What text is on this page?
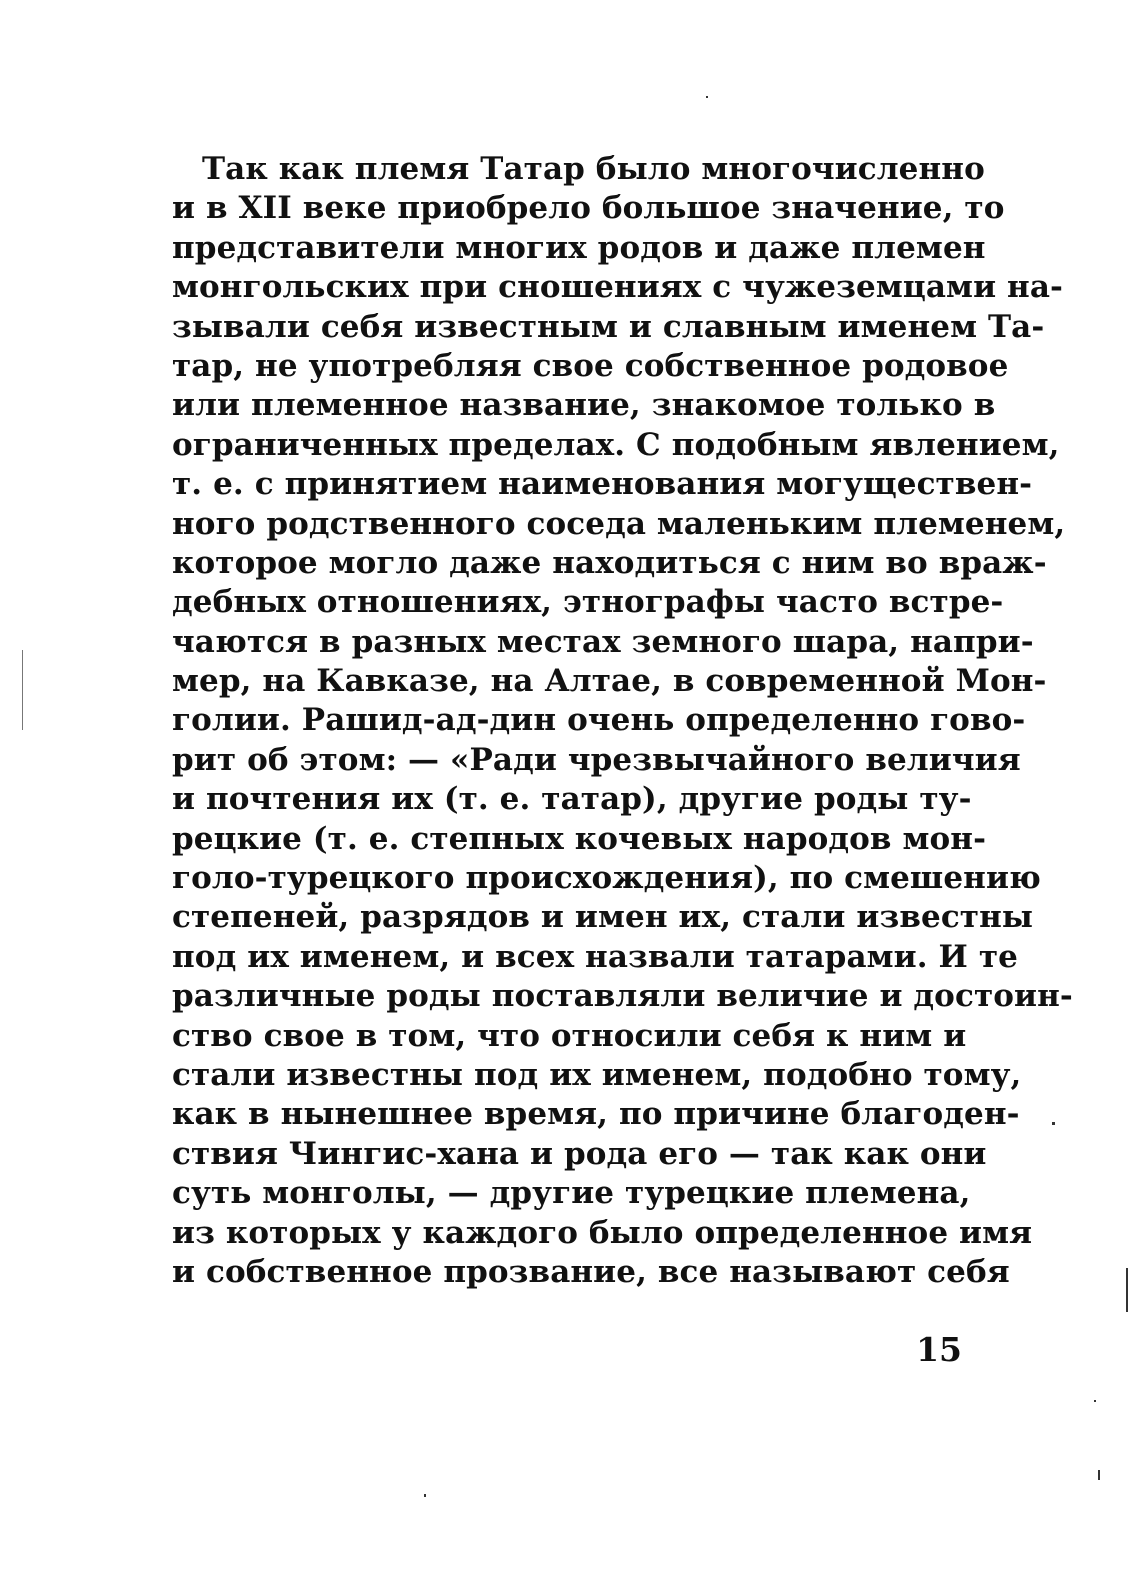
Так как племя Татар было многочисленно
и в XII веке приобрело большое значение, то
представители многих родов и даже племен
монгольских при сношениях с чужеземцами на-
зывали себя известным и славным именем Та-
тар, не употребляя свое собственное родовое
или племенное название, знакомое только в
ограниченных пределах. С подобным явлением,
т. е. с принятием наименования могуществен-
ного родственного соседа маленьким племенем,
которое могло даже находиться с ним во враж-
дебных отношениях, этнографы часто встре-
чаются в разных местах земного шара, напри-
мер, на Кавказе, на Алтае, в современной Мон-
голии. Рашид-ад-дин очень определенно гово-
рит об этом: — «Ради чрезвычайного величия
и почтения их (т. е. татар), другие роды ту-
рецкие (т. е. степных кочевых народов мон-
голо-турецкого происхождения), по смешению
степеней, разрядов и имен их, стали известны
под их именем, и всех назвали татарами. И те
различные роды поставляли величие и достоин-
ство свое в том, что относили себя к ним и
стали известны под их именем, подобно тому,
как в нынешнее время, по причине благоден-
ствия Чингис-хана и рода его — так как они
суть монголы, — другие турецкие племена,
из которых у каждого было определенное имя
и собственное прозвание, все называют себя
15
